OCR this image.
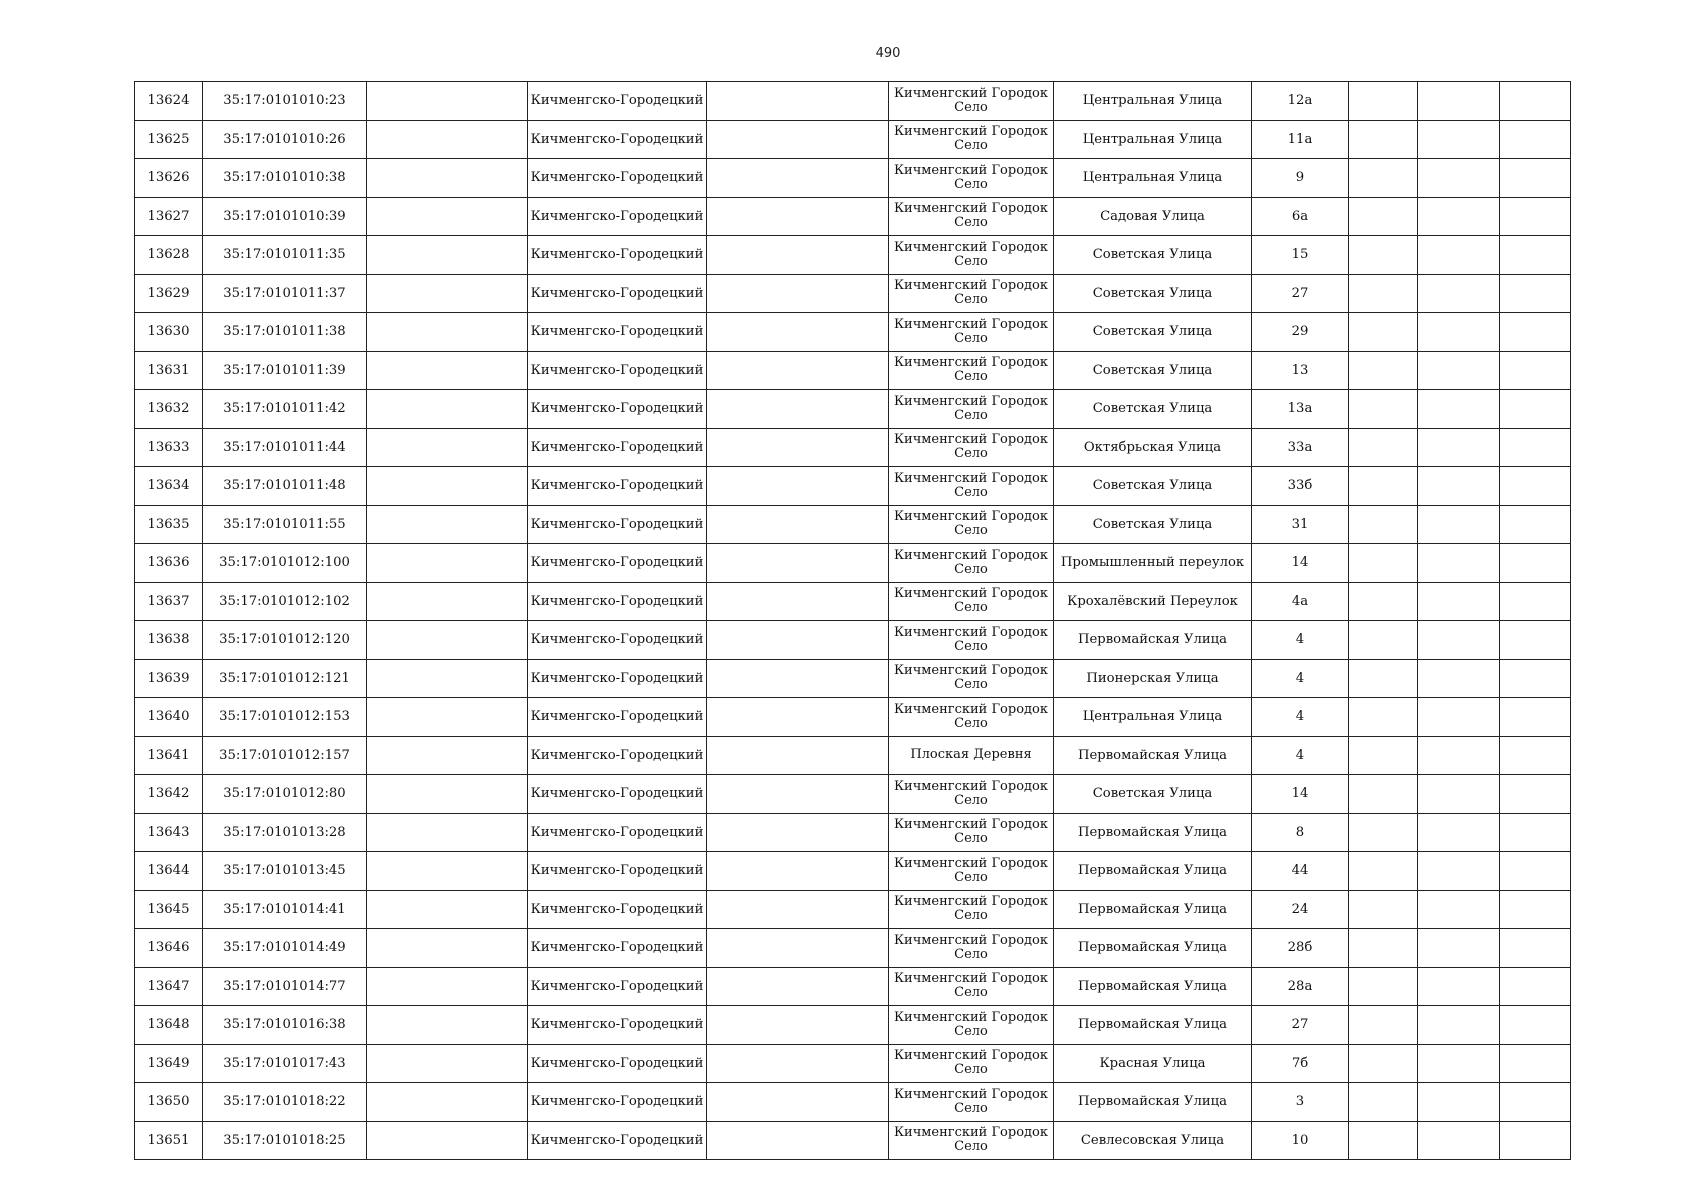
490
13624	35:17:0101010:23		Кичменгско-Городецкий		Кичменгский Городок Село	Центральная Улица	12а			
13625	35:17:0101010:26		Кичменгско-Городецкий		Кичменгский Городок Село	Центральная Улица	11а			
13626	35:17:0101010:38		Кичменгско-Городецкий		Кичменгский Городок Село	Центральная Улица	9			
13627	35:17:0101010:39		Кичменгско-Городецкий		Кичменгский Городок Село	Садовая Улица	6а			
13628	35:17:0101011:35		Кичменгско-Городецкий		Кичменгский Городок Село	Советская Улица	15			
13629	35:17:0101011:37		Кичменгско-Городецкий		Кичменгский Городок Село	Советская Улица	27			
13630	35:17:0101011:38		Кичменгско-Городецкий		Кичменгский Городок Село	Советская Улица	29			
13631	35:17:0101011:39		Кичменгско-Городецкий		Кичменгский Городок Село	Советская Улица	13			
13632	35:17:0101011:42		Кичменгско-Городецкий		Кичменгский Городок Село	Советская Улица	13а			
13633	35:17:0101011:44		Кичменгско-Городецкий		Кичменгский Городок Село	Октябрьская Улица	33а			
13634	35:17:0101011:48		Кичменгско-Городецкий		Кичменгский Городок Село	Советская Улица	33б			
13635	35:17:0101011:55		Кичменгско-Городецкий		Кичменгский Городок Село	Советская Улица	31			
13636	35:17:0101012:100		Кичменгско-Городецкий		Кичменгский Городок Село	Промышленный переулок	14			
13637	35:17:0101012:102		Кичменгско-Городецкий		Кичменгский Городок Село	Крохалёвский Переулок	4а			
13638	35:17:0101012:120		Кичменгско-Городецкий		Кичменгский Городок Село	Первомайская Улица	4			
13639	35:17:0101012:121		Кичменгско-Городецкий		Кичменгский Городок Село	Пионерская Улица	4			
13640	35:17:0101012:153		Кичменгско-Городецкий		Кичменгский Городок Село	Центральная Улица	4			
13641	35:17:0101012:157		Кичменгско-Городецкий		Плоская Деревня	Первомайская Улица	4			
13642	35:17:0101012:80		Кичменгско-Городецкий		Кичменгский Городок Село	Советская Улица	14			
13643	35:17:0101013:28		Кичменгско-Городецкий		Кичменгский Городок Село	Первомайская Улица	8			
13644	35:17:0101013:45		Кичменгско-Городецкий		Кичменгский Городок Село	Первомайская Улица	44			
13645	35:17:0101014:41		Кичменгско-Городецкий		Кичменгский Городок Село	Первомайская Улица	24			
13646	35:17:0101014:49		Кичменгско-Городецкий		Кичменгский Городок Село	Первомайская Улица	28б			
13647	35:17:0101014:77		Кичменгско-Городецкий		Кичменгский Городок Село	Первомайская Улица	28а			
13648	35:17:0101016:38		Кичменгско-Городецкий		Кичменгский Городок Село	Первомайская Улица	27			
13649	35:17:0101017:43		Кичменгско-Городецкий		Кичменгский Городок Село	Красная Улица	7б			
13650	35:17:0101018:22		Кичменгско-Городецкий		Кичменгский Городок Село	Первомайская Улица	3			
13651	35:17:0101018:25		Кичменгско-Городецкий		Кичменгский Городок Село	Севлесовская Улица	10			
